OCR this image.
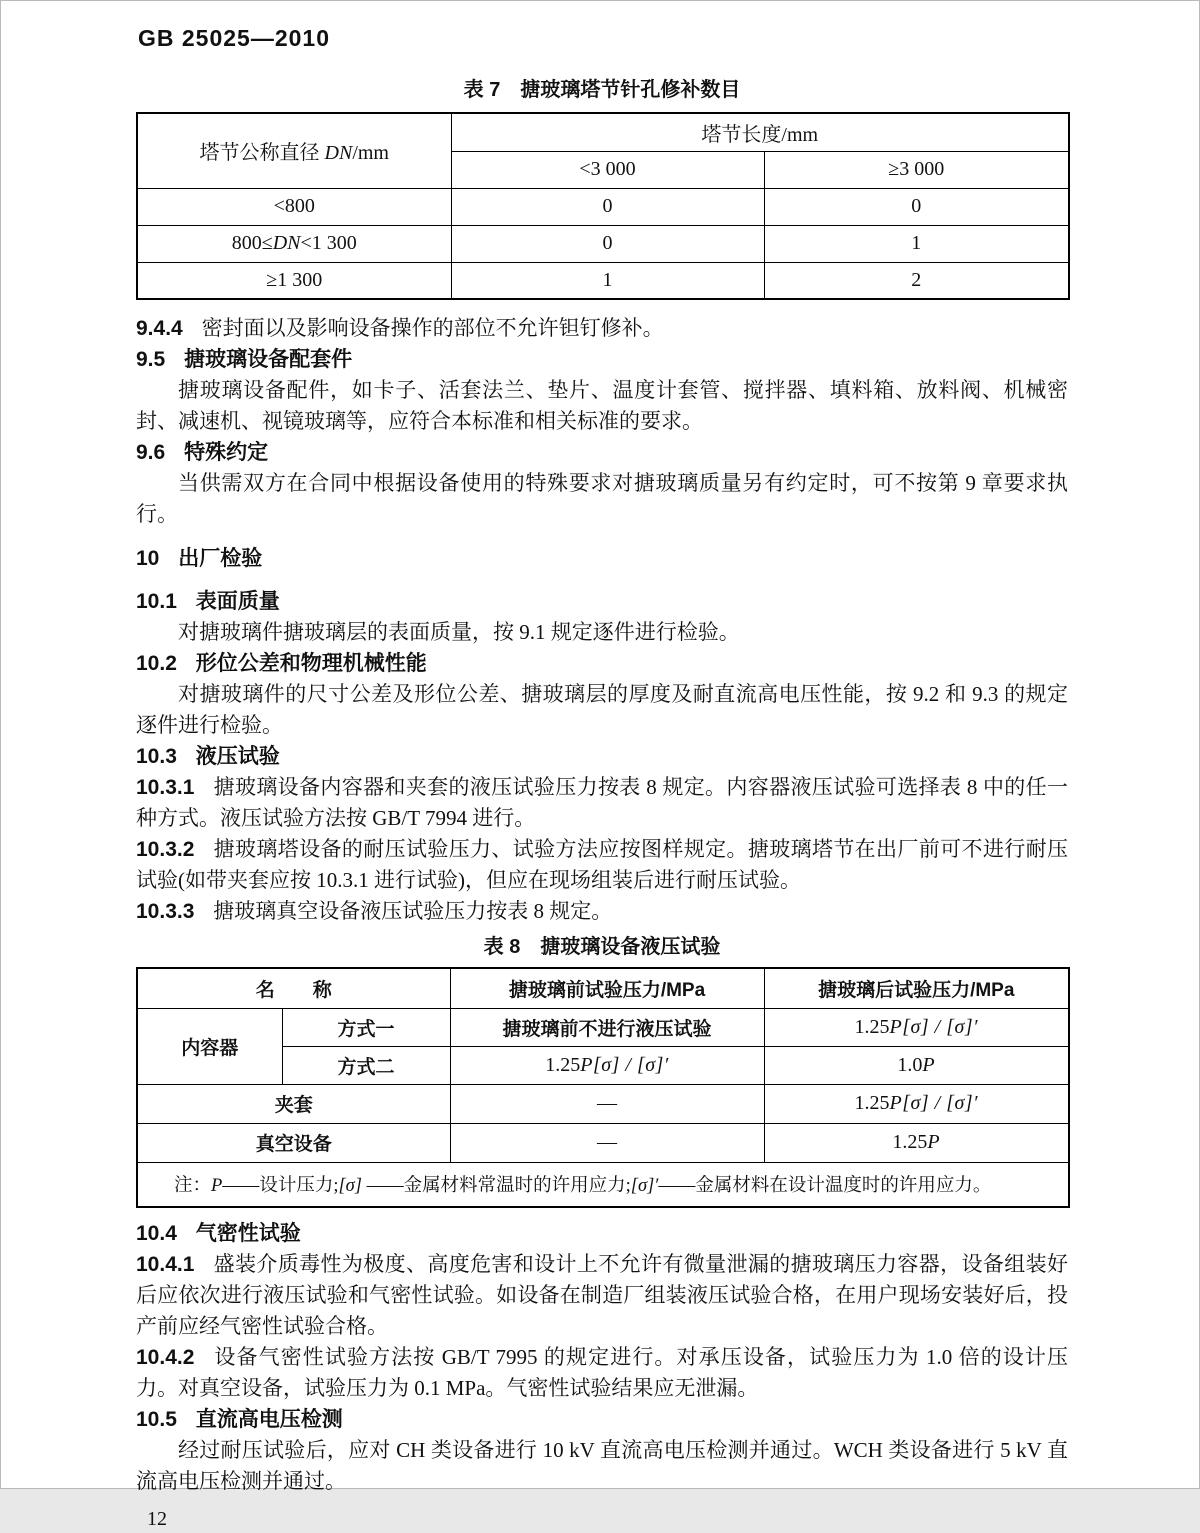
GB 25025—2010
表 7　搪玻璃塔节针孔修补数目
塔节公称直径 DN/mm	塔节长度/mm	
	<3 000	≥3 000
<800	0	0
800≤DN<1 300	0	1
≥1 300	1	2

9.4.4 密封面以及影响设备操作的部位不允许钽钉修补。

9.5 搪玻璃设备配套件

搪玻璃设备配件，如卡子、活套法兰、垫片、温度计套管、搅拌器、填料箱、放料阀、机械密封、减速机、视镜玻璃等，应符合本标准和相关标准的要求。

9.6 特殊约定

当供需双方在合同中根据设备使用的特殊要求对搪玻璃质量另有约定时，可不按第 9 章要求执行。

10 出厂检验

10.1 表面质量

对搪玻璃件搪玻璃层的表面质量，按 9.1 规定逐件进行检验。

10.2 形位公差和物理机械性能

对搪玻璃件的尺寸公差及形位公差、搪玻璃层的厚度及耐直流高电压性能，按 9.2 和 9.3 的规定逐件进行检验。

10.3 液压试验

10.3.1 搪玻璃设备内容器和夹套的液压试验压力按表 8 规定。内容器液压试验可选择表 8 中的任一种方式。液压试验方法按 GB/T 7994 进行。

10.3.2 搪玻璃塔设备的耐压试验压力、试验方法应按图样规定。搪玻璃塔节在出厂前可不进行耐压试验(如带夹套应按 10.3.1 进行试验)，但应在现场组装后进行耐压试验。

10.3.3 搪玻璃真空设备液压试验压力按表 8 规定。

表 8　搪玻璃设备液压试验
名　　称		搪玻璃前试验压力/MPa	搪玻璃后试验压力/MPa
内容器	方式一	搪玻璃前不进行液压试验	1.25P[σ] / [σ]′
	方式二	1.25P[σ] / [σ]′	1.0P
夹套		—	1.25P[σ] / [σ]′
真空设备		—	1.25P
注：P——设计压力;[σ] ——金属材料常温时的许用应力;[σ]′——金属材料在设计温度时的许用应力。			

10.4 气密性试验

10.4.1 盛装介质毒性为极度、高度危害和设计上不允许有微量泄漏的搪玻璃压力容器，设备组装好后应依次进行液压试验和气密性试验。如设备在制造厂组装液压试验合格，在用户现场安装好后，投产前应经气密性试验合格。

10.4.2 设备气密性试验方法按 GB/T 7995 的规定进行。对承压设备，试验压力为 1.0 倍的设计压力。对真空设备，试验压力为 0.1 MPa。气密性试验结果应无泄漏。

10.5 直流高电压检测

经过耐压试验后，应对 CH 类设备进行 10 kV 直流高电压检测并通过。WCH 类设备进行 5 kV 直流高电压检测并通过。

12
